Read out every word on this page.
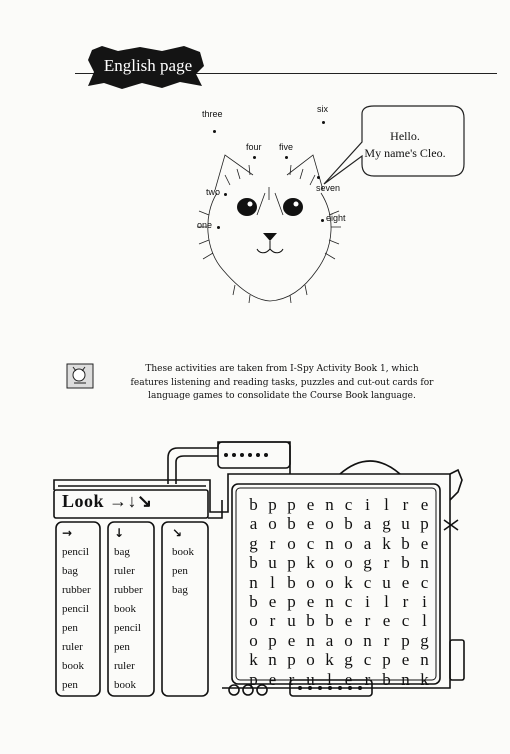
English page
three	six
four five
two	seven
one
eight
Hello.
My name's Cleo.
These activities are taken from I-Spy Activity Book 1, which
features listening and reading tasks, puzzles and cut-out cards for
language games to consolidate the Course Book language.
Look →↓↘
→
pencil
bag
rubber
pencil
pen
ruler
book
pen
↓
bag
ruler
rubber
book
pencil
pen
ruler
book
↘
book
pen
bag
b p p e n c i l r e
a o b e o b a g u p
g r o c n o a k b e
b u p k o o g r b n
n l b o o k c u e c
b e p e n c i l r i
o r u b b e r e c l
o p e n a o n r p g
k n p o k g c p e n
p e r u l e r b n k
